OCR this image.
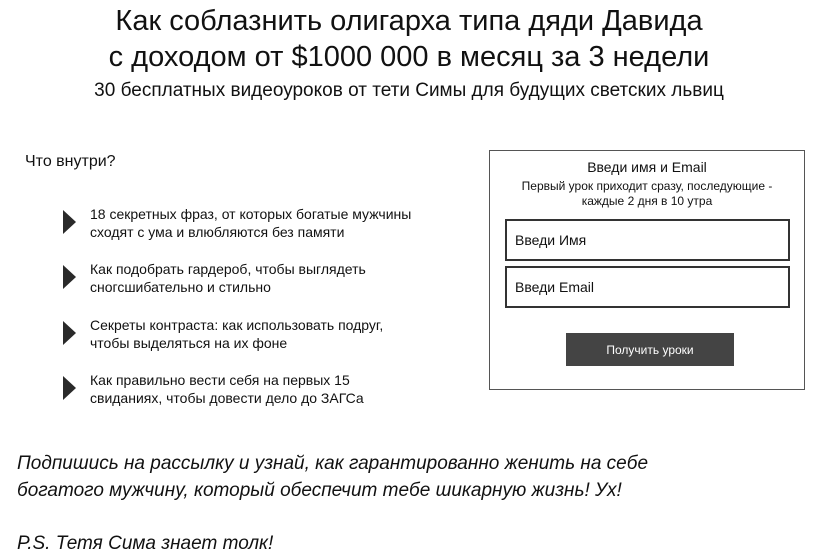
Как соблазнить олигарха типа дяди Давида
с доходом от $1000 000 в месяц за 3 недели
30 бесплатных видеоуроков от тети Симы для будущих светских львиц
Что внутри?
18 секретных фраз, от которых богатые мужчины
сходят с ума и влюбляются без памяти
Как подобрать гардероб, чтобы выглядеть
сногсшибательно и стильно
Секреты контраста: как использовать подруг,
чтобы выделяться на их фоне
Как правильно вести себя на первых 15
свиданиях, чтобы довести дело до ЗАГСа
Введи имя и Email
Первый урок приходит сразу, последующие -
каждые 2 дня в 10 утра
Введи Имя
Введи Email
Получить уроки
Подпишись на рассылку и узнай, как гарантированно женить на себе
богатого мужчину, который обеспечит тебе шикарную жизнь! Ух!
P.S. Тетя Сима знает толк!
